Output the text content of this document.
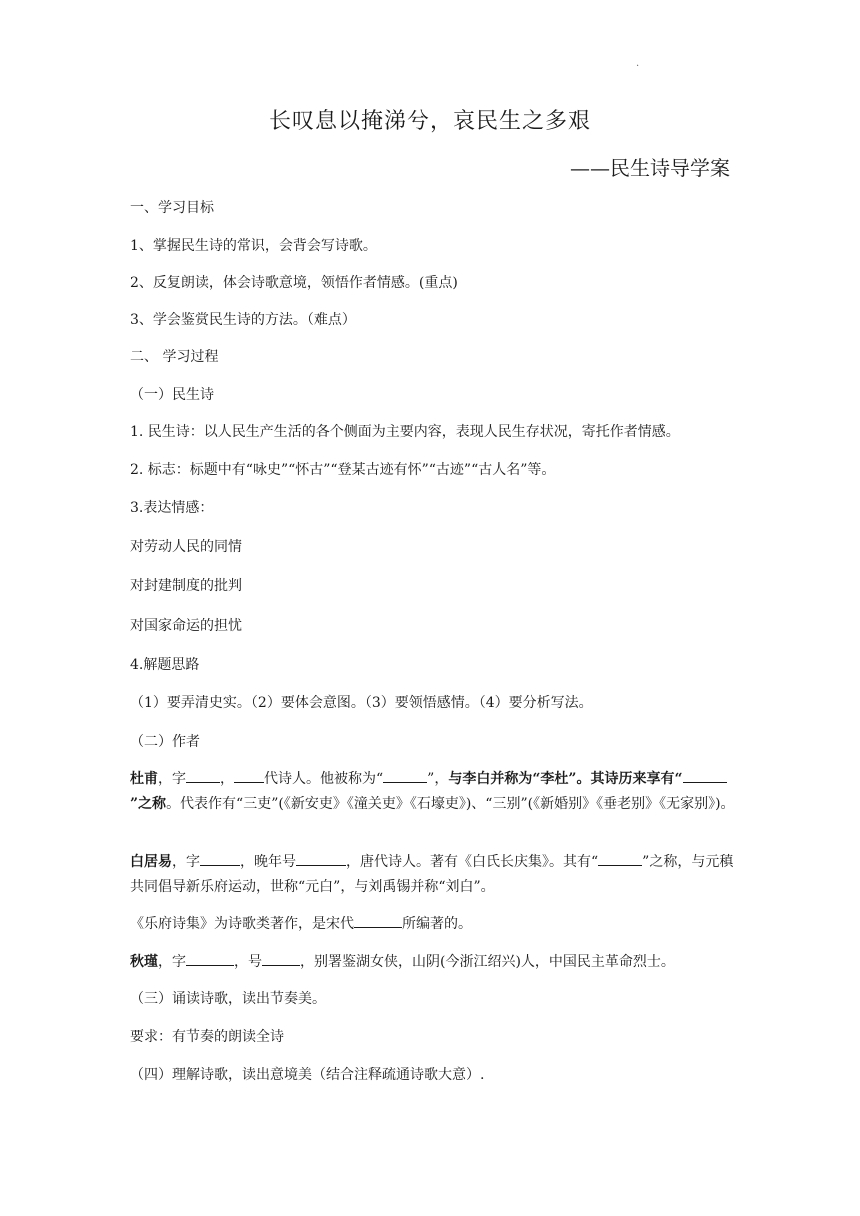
.
长叹息以掩涕兮，哀民生之多艰
——民生诗导学案
一、学习目标
1、掌握民生诗的常识，会背会写诗歌。
2、反复朗读，体会诗歌意境，领悟作者情感。(重点)
3、学会鉴赏民生诗的方法。（难点）
二、 学习过程
（一）民生诗
1. 民生诗：以人民生产生活的各个侧面为主要内容，表现人民生存状况，寄托作者情感。
2. 标志：标题中有“咏史”“怀古”“登某古迹有怀”“古迹”“古人名”等。
3.表达情感：
对劳动人民的同情
对封建制度的批判
对国家命运的担忧
4.解题思路
（1）要弄清史实。（2）要体会意图。（3）要领悟感情。（4）要分析写法。
（二）作者
杜甫，字 ， 代诗人。他被称为“	”，与李白并称为“李杜”。其诗历来享有“”之称。代表作有“三吏”(《新安吏》《潼关吏》《石壕吏》)、“三别”(《新婚别》《垂老别》《无家别》)。
白居易，字	，晚年号	，唐代诗人。著有《白氏长庆集》。其有“	”之称，与元稹共同倡导新乐府运动，世称“元白”，与刘禹锡并称“刘白”。
《乐府诗集》为诗歌类著作，是宋代	所编著的。
秋瑾，字	，号	，别署鉴湖女侠，山阴(今浙江绍兴)人，中国民主革命烈士。
（三）诵读诗歌，读出节奏美。
要求：有节奏的朗读全诗
（四）理解诗歌，读出意境美（结合注释疏通诗歌大意）.
